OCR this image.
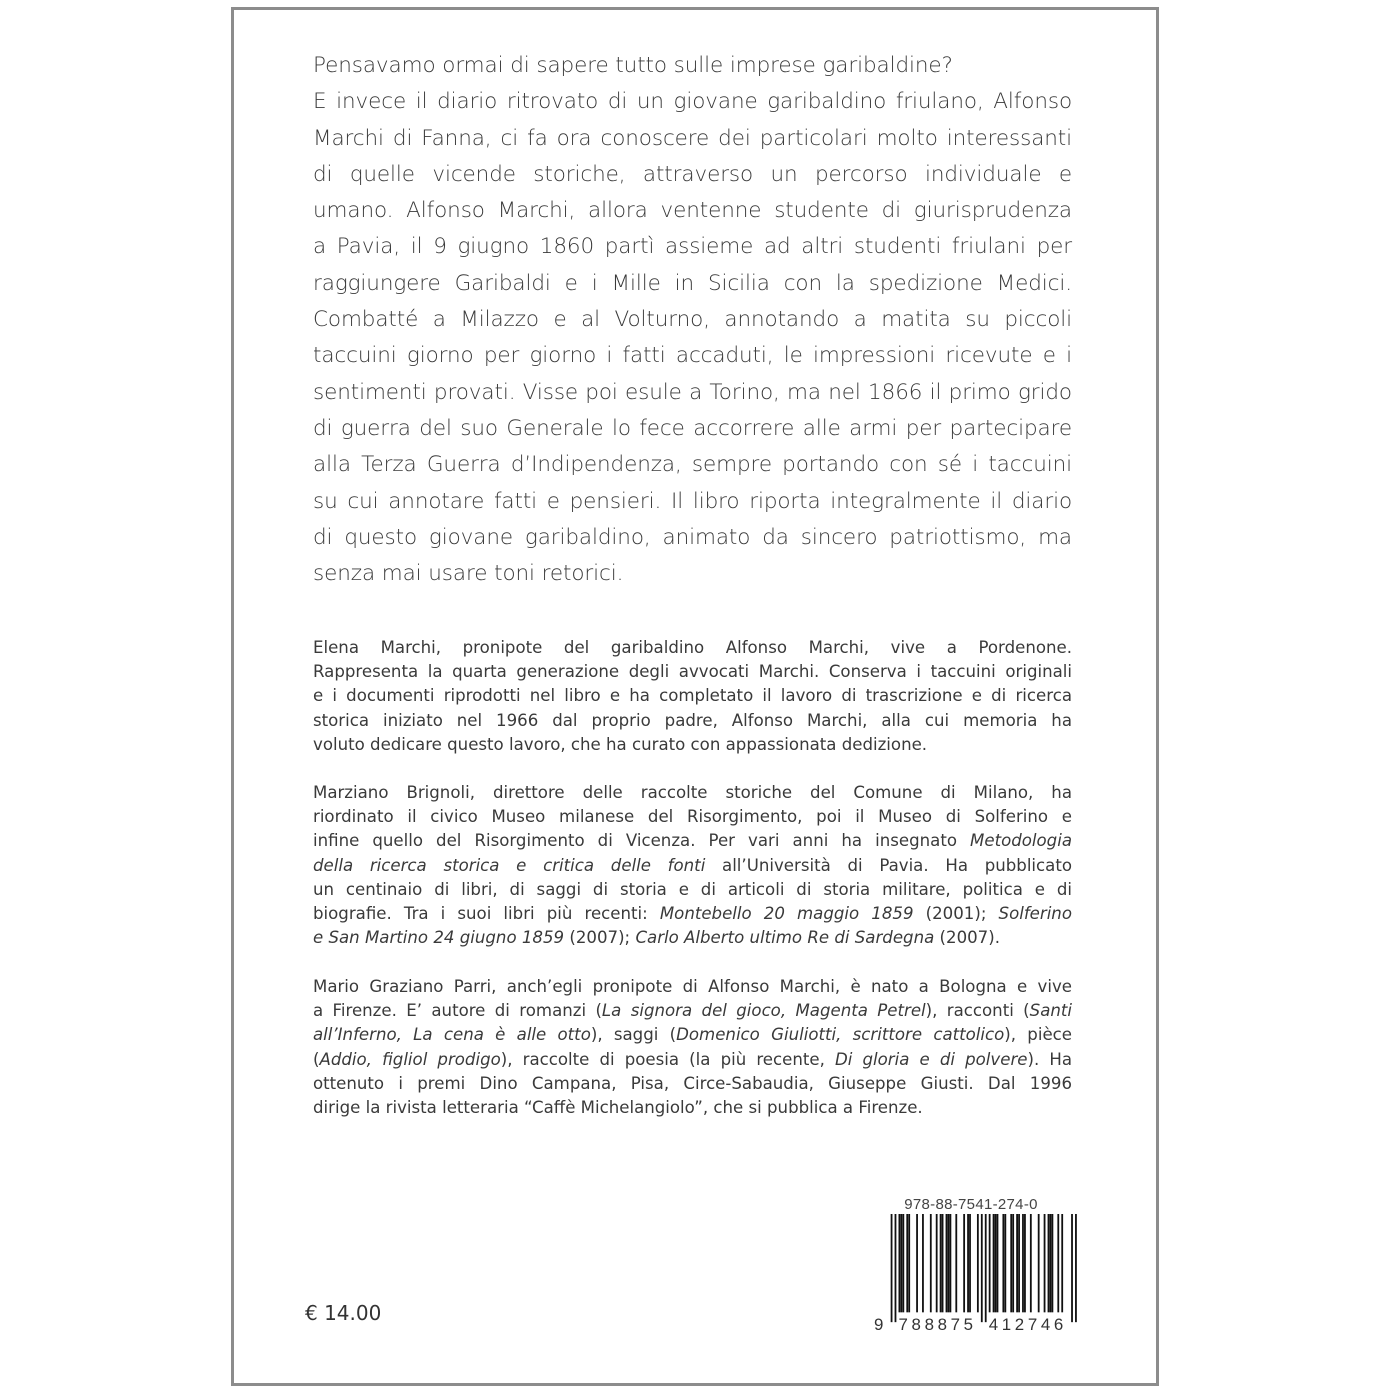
Pensavamo ormai di sapere tutto sulle imprese garibaldine?
E invece il diario ritrovato di un giovane garibaldino friulano, Alfonso
Marchi di Fanna, ci fa ora conoscere dei particolari molto interessanti
di quelle vicende storiche, attraverso un percorso individuale e
umano. Alfonso Marchi, allora ventenne studente di giurisprudenza
a Pavia, il 9 giugno 1860 partì assieme ad altri studenti friulani per
raggiungere Garibaldi e i Mille in Sicilia con la spedizione Medici.
Combatté a Milazzo e al Volturno, annotando a matita su piccoli
taccuini giorno per giorno i fatti accaduti, le impressioni ricevute e i
sentimenti provati. Visse poi esule a Torino, ma nel 1866 il primo grido
di guerra del suo Generale lo fece accorrere alle armi per partecipare
alla Terza Guerra d’Indipendenza, sempre portando con sé i taccuini
su cui annotare fatti e pensieri. Il libro riporta integralmente il diario
di questo giovane garibaldino, animato da sincero patriottismo, ma
senza mai usare toni retorici.
Elena Marchi, pronipote del garibaldino Alfonso Marchi, vive a Pordenone.
Rappresenta la quarta generazione degli avvocati Marchi. Conserva i taccuini originali
e i documenti riprodotti nel libro e ha completato il lavoro di trascrizione e di ricerca
storica iniziato nel 1966 dal proprio padre, Alfonso Marchi, alla cui memoria ha
voluto dedicare questo lavoro, che ha curato con appassionata dedizione.
Marziano Brignoli, direttore delle raccolte storiche del Comune di Milano, ha
riordinato il civico Museo milanese del Risorgimento, poi il Museo di Solferino e
infine quello del Risorgimento di Vicenza. Per vari anni ha insegnato Metodologia
della ricerca storica e critica delle fonti all’Università di Pavia. Ha pubblicato
un centinaio di libri, di saggi di storia e di articoli di storia militare, politica e di
biografie. Tra i suoi libri più recenti: Montebello 20 maggio 1859 (2001); Solferino
e San Martino 24 giugno 1859 (2007); Carlo Alberto ultimo Re di Sardegna (2007).
Mario Graziano Parri, anch’egli pronipote di Alfonso Marchi, è nato a Bologna e vive
a Firenze. E’ autore di romanzi (La signora del gioco, Magenta Petrel), racconti (Santi
all’Inferno, La cena è alle otto), saggi (Domenico Giuliotti, scrittore cattolico), pièce
(Addio, figliol prodigo), raccolte di poesia (la più recente, Di gloria e di polvere). Ha
ottenuto i premi Dino Campana, Pisa, Circe-Sabaudia, Giuseppe Giusti. Dal 1996
dirige la rivista letteraria “Caffè Michelangiolo”, che si pubblica a Firenze.
€ 14.00
978-88-7541-274-0
9 788875 412746
